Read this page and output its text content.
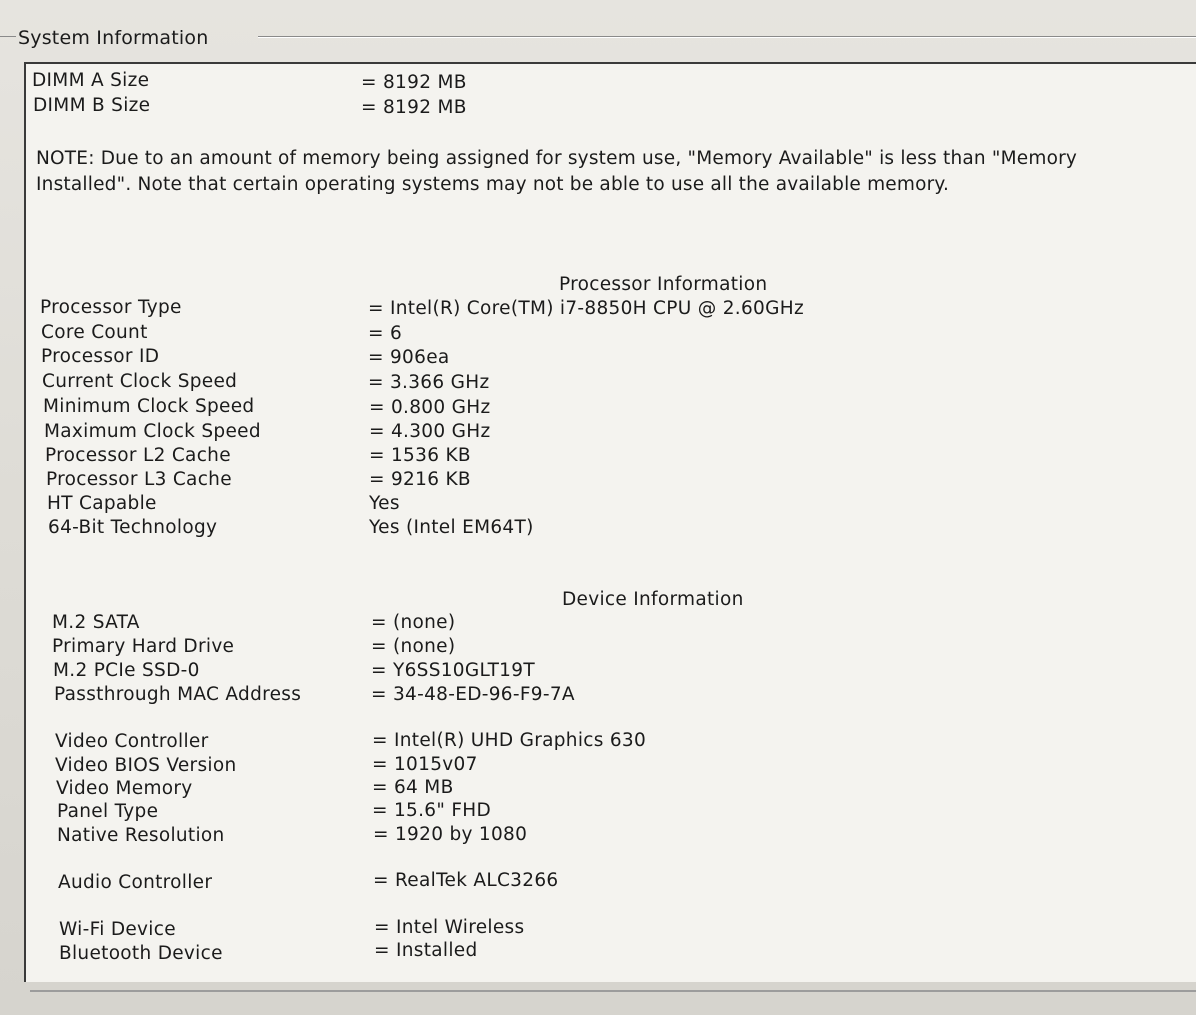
System Information
DIMM A Size	= 8192 MB
DIMM B Size	= 8192 MB
NOTE: Due to an amount of memory being assigned for system use, "Memory Available" is less than "Memory Installed". Note that certain operating systems may not be able to use all the available memory.
Processor Information
Processor Type	= Intel(R) Core(TM) i7-8850H CPU @ 2.60GHz
Core Count	= 6
Processor ID	= 906ea
Current Clock Speed	= 3.366 GHz
Minimum Clock Speed	= 0.800 GHz
Maximum Clock Speed	= 4.300 GHz
Processor L2 Cache	= 1536 KB
Processor L3 Cache	= 9216 KB
HT Capable	Yes
64-Bit Technology	Yes (Intel EM64T)
Device Information
M.2 SATA	= (none)
Primary Hard Drive	= (none)
M.2 PCIe SSD-0	= Y6SS10GLT19T
Passthrough MAC Address	= 34-48-ED-96-F9-7A
Video Controller	= Intel(R) UHD Graphics 630
Video BIOS Version	= 1015v07
Video Memory	= 64 MB
Panel Type	= 15.6" FHD
Native Resolution	= 1920 by 1080
Audio Controller	= RealTek ALC3266
Wi-Fi Device	= Intel Wireless
Bluetooth Device	= Installed
